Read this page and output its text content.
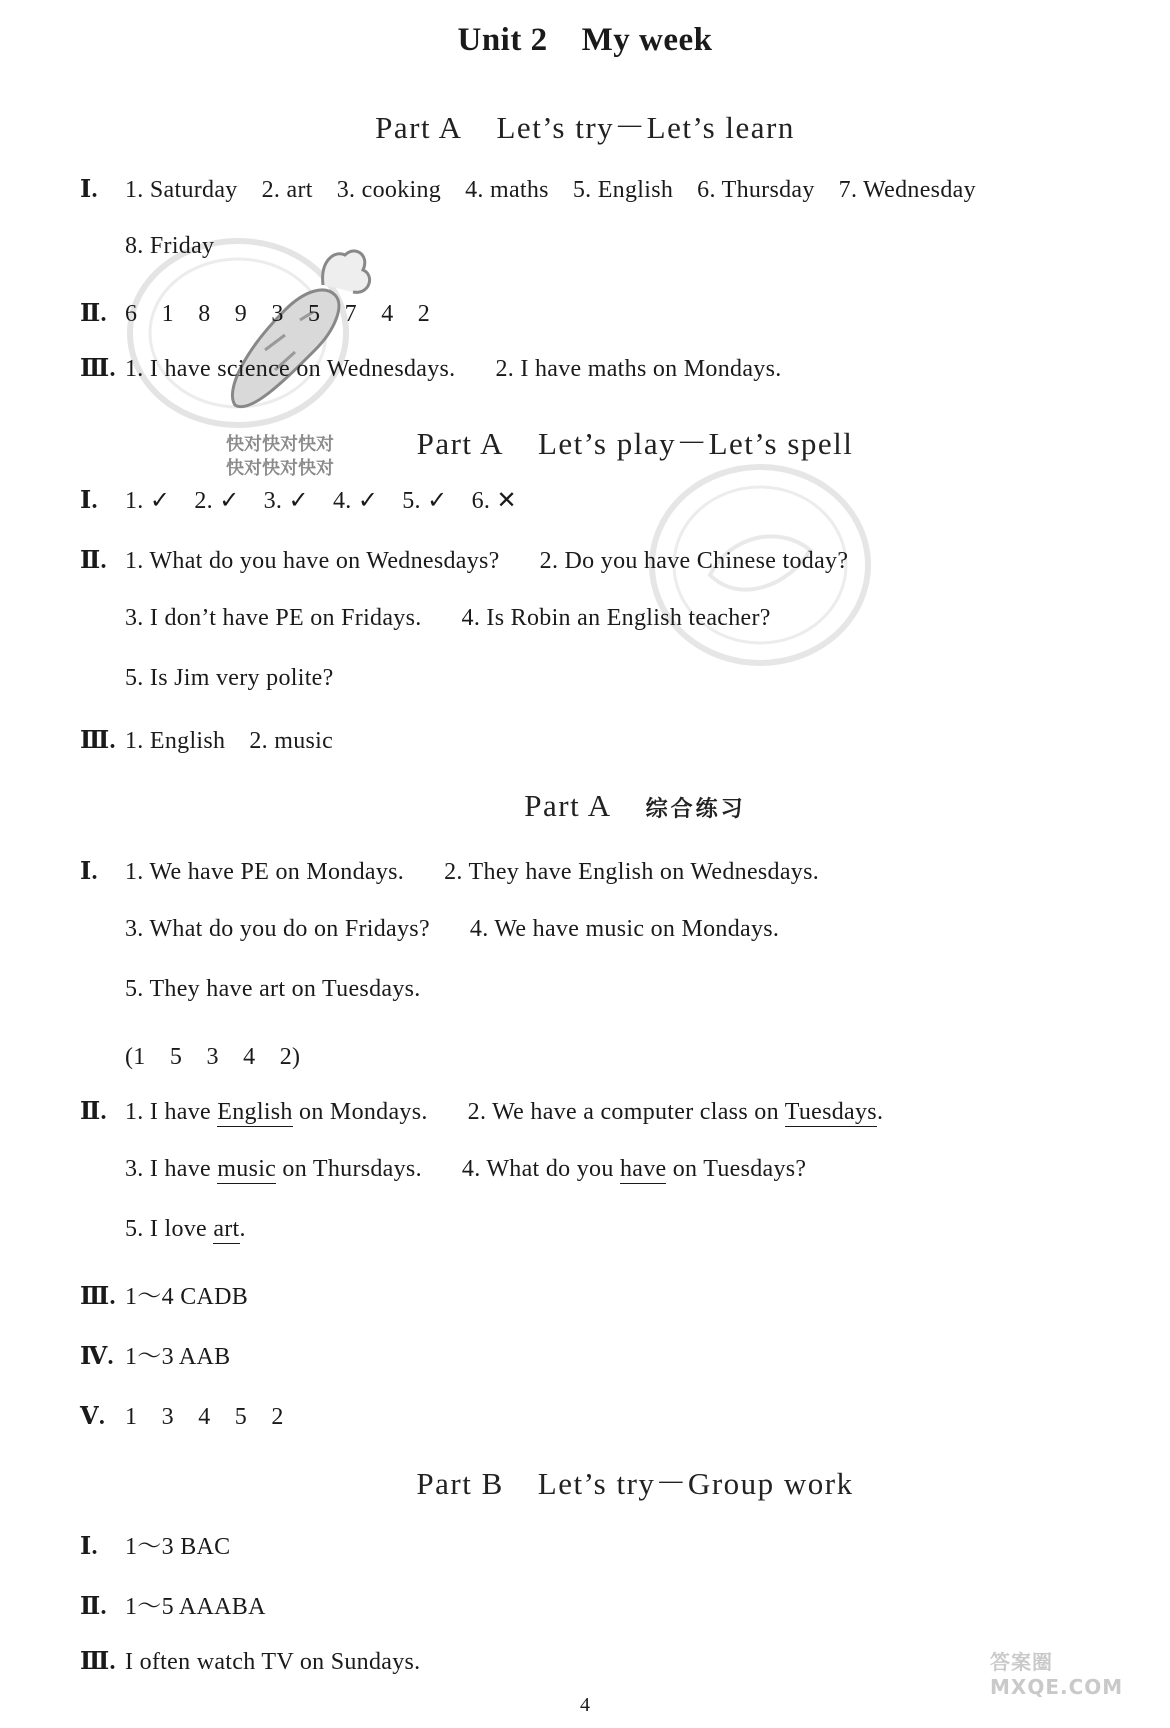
快对快对快对
快对快对快对
Unit 2 My week
Part A Let’s try－Let’s learn
Ⅰ. 1. Saturday 2. art 3. cooking 4. maths 5. English 6. Thursday 7. Wednesday
8. Friday
Ⅱ. 6　1　8　9　3　5　7　4　2
Ⅲ. 1. I have science on Wednesdays. 2. I have maths on Mondays.
Part A Let’s play－Let’s spell
Ⅰ. 1. ✓ 2. ✓ 3. ✓ 4. ✓ 5. ✓ 6. ✕
Ⅱ. 1. What do you have on Wednesdays? 2. Do you have Chinese today?
3. I don’t have PE on Fridays. 4. Is Robin an English teacher?
5. Is Jim very polite?
Ⅲ. 1. English 2. music
Part A 综合练习
Ⅰ. 1. We have PE on Mondays. 2. They have English on Wednesdays.
3. What do you do on Fridays? 4. We have music on Mondays.
5. They have art on Tuesdays.
(1　5　3　4　2)
Ⅱ. 1. I have English on Mondays. 2. We have a computer class on Tuesdays.
3. I have music on Thursdays. 4. What do you have on Tuesdays?
5. I love art.
Ⅲ. 1～4 CADB
Ⅳ. 1～3 AAB
Ⅴ. 1　3　4　5　2
Part B Let’s try－Group work
Ⅰ. 1～3 BAC
Ⅱ. 1～5 AAABA
Ⅲ. I often watch TV on Sundays.
4
答案圈 MXQE.COM
